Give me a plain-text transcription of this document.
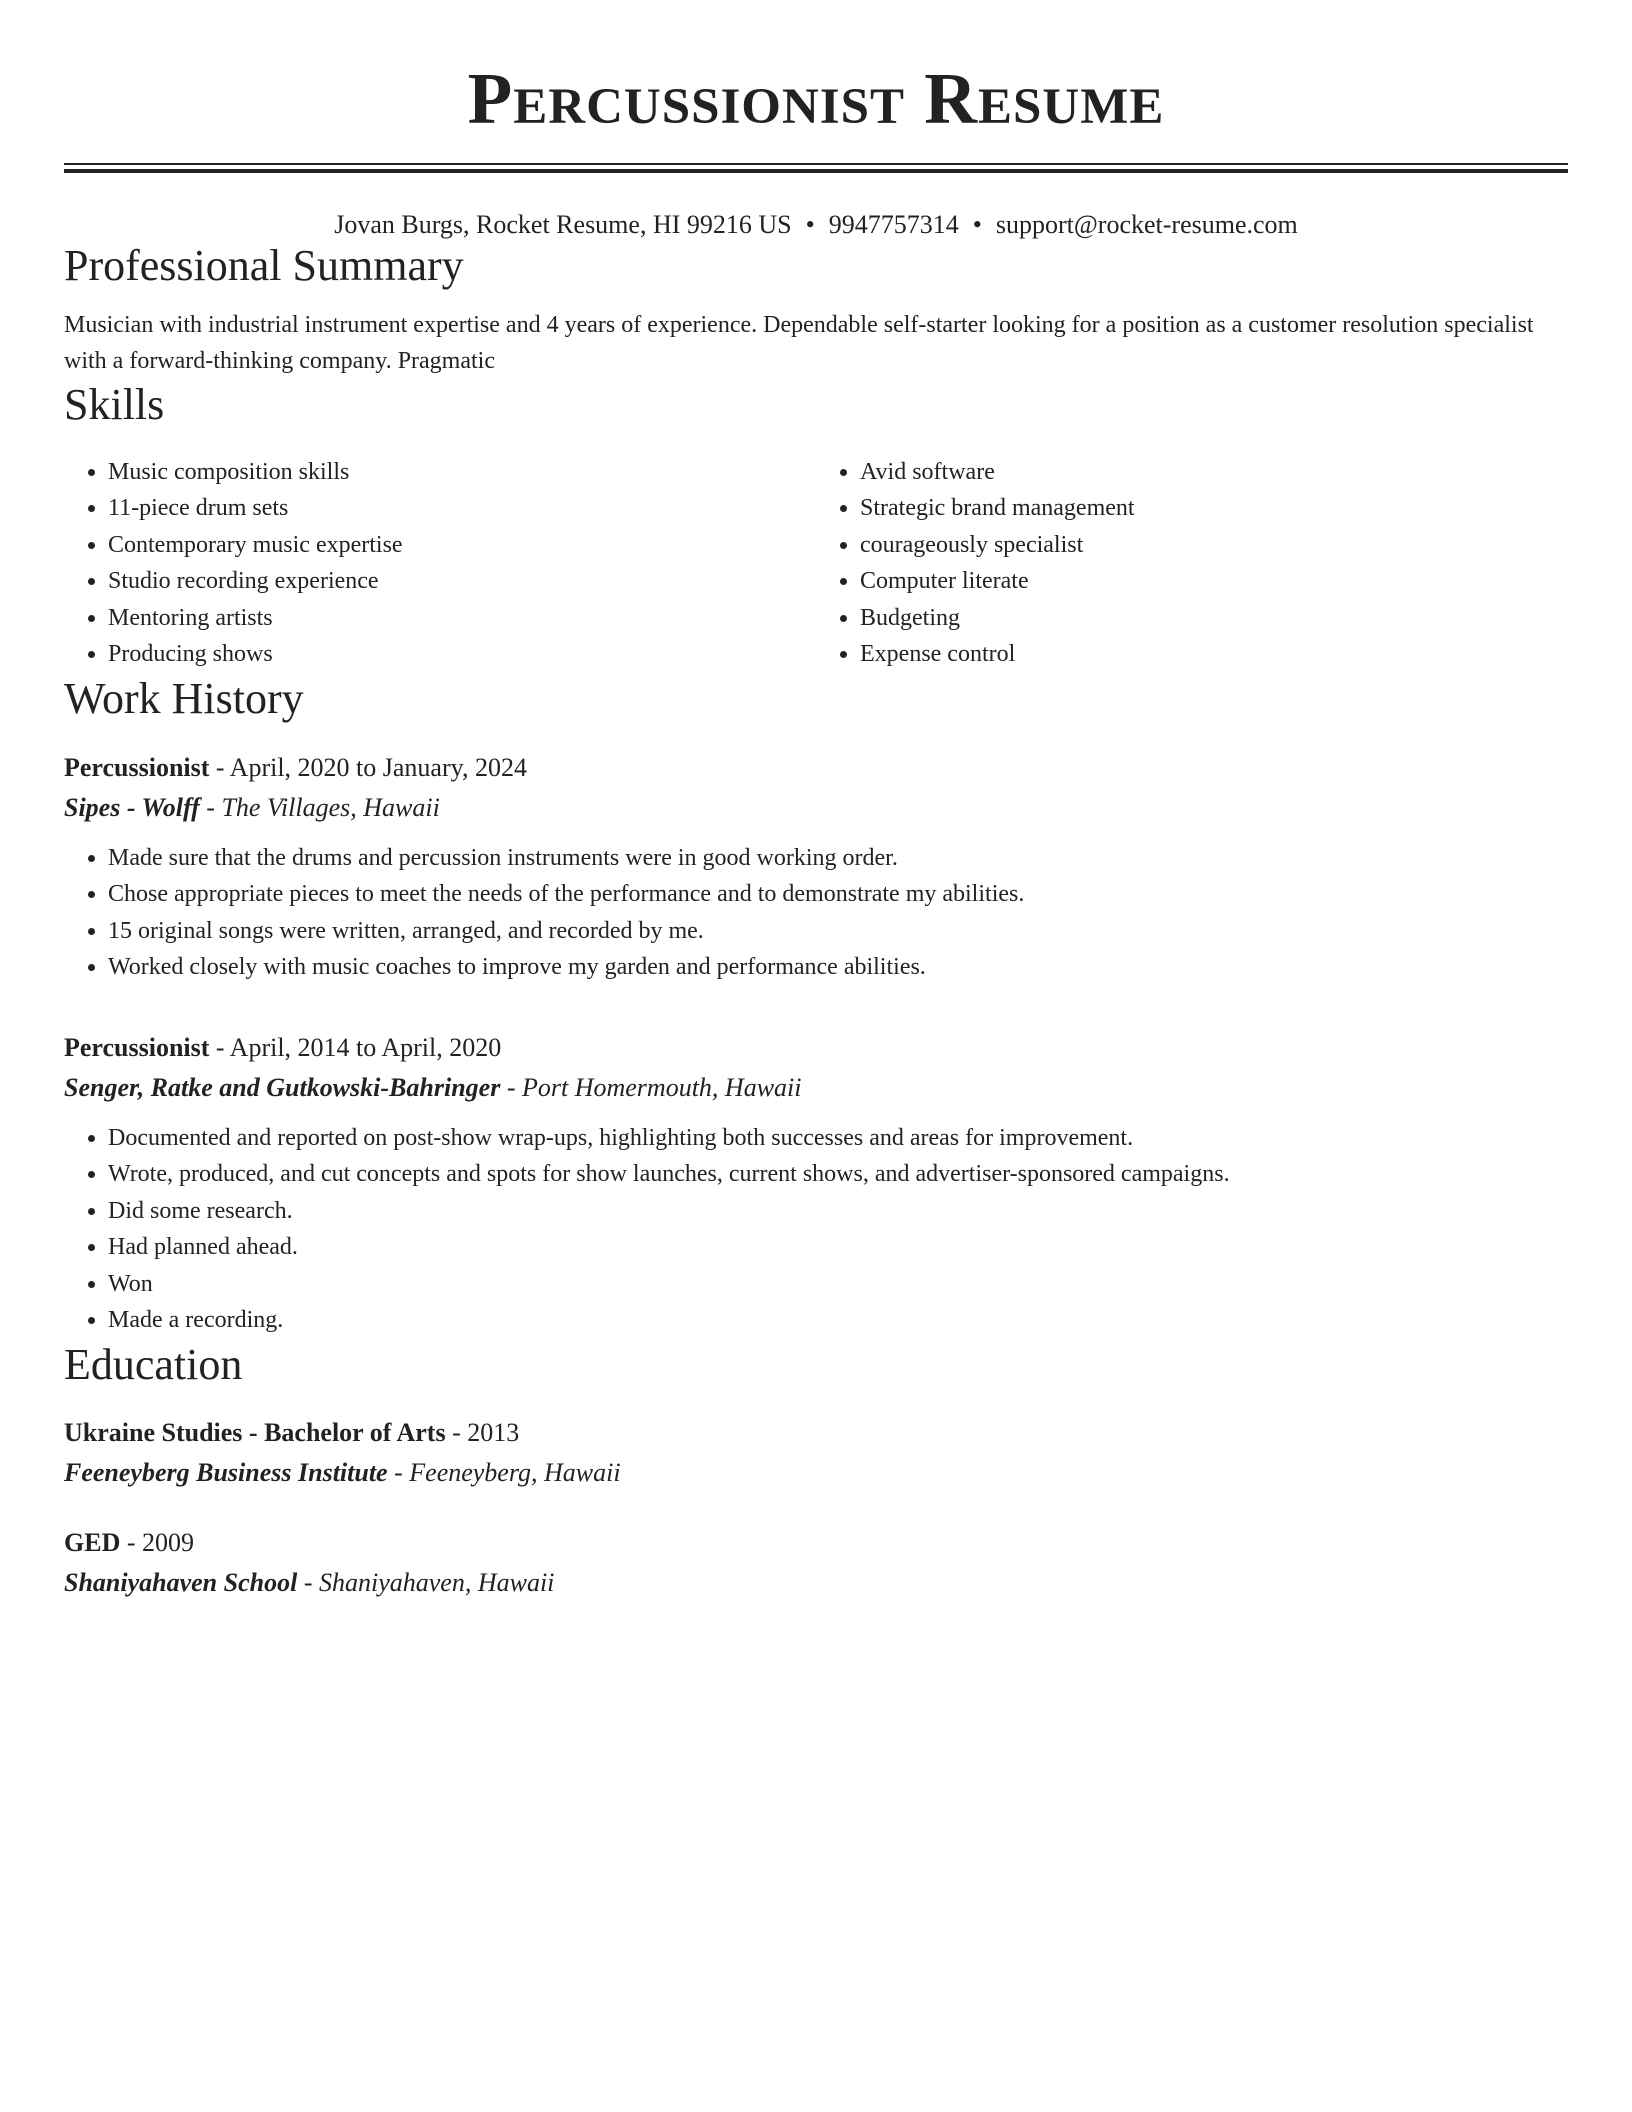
Percussionist Resume
Jovan Burgs, Rocket Resume, HI 99216 US • 9947757314 • support@rocket-resume.com
Professional Summary
Musician with industrial instrument expertise and 4 years of experience. Dependable self-starter looking for a position as a customer resolution specialist with a forward-thinking company. Pragmatic
Skills
• Music composition skills
• 11-piece drum sets
• Contemporary music expertise
• Studio recording experience
• Mentoring artists
• Producing shows
• Avid software
• Strategic brand management
• courageously specialist
• Computer literate
• Budgeting
• Expense control
Work History
Percussionist - April, 2020 to January, 2024
Sipes - Wolff - The Villages, Hawaii
• Made sure that the drums and percussion instruments were in good working order.
• Chose appropriate pieces to meet the needs of the performance and to demonstrate my abilities.
• 15 original songs were written, arranged, and recorded by me.
• Worked closely with music coaches to improve my garden and performance abilities.
Percussionist - April, 2014 to April, 2020
Senger, Ratke and Gutkowski-Bahringer - Port Homermouth, Hawaii
• Documented and reported on post-show wrap-ups, highlighting both successes and areas for improvement.
• Wrote, produced, and cut concepts and spots for show launches, current shows, and advertiser-sponsored campaigns.
• Did some research.
• Had planned ahead.
• Won
• Made a recording.
Education
Ukraine Studies - Bachelor of Arts - 2013
Feeneyberg Business Institute - Feeneyberg, Hawaii
GED - 2009
Shaniyahaven School - Shaniyahaven, Hawaii
